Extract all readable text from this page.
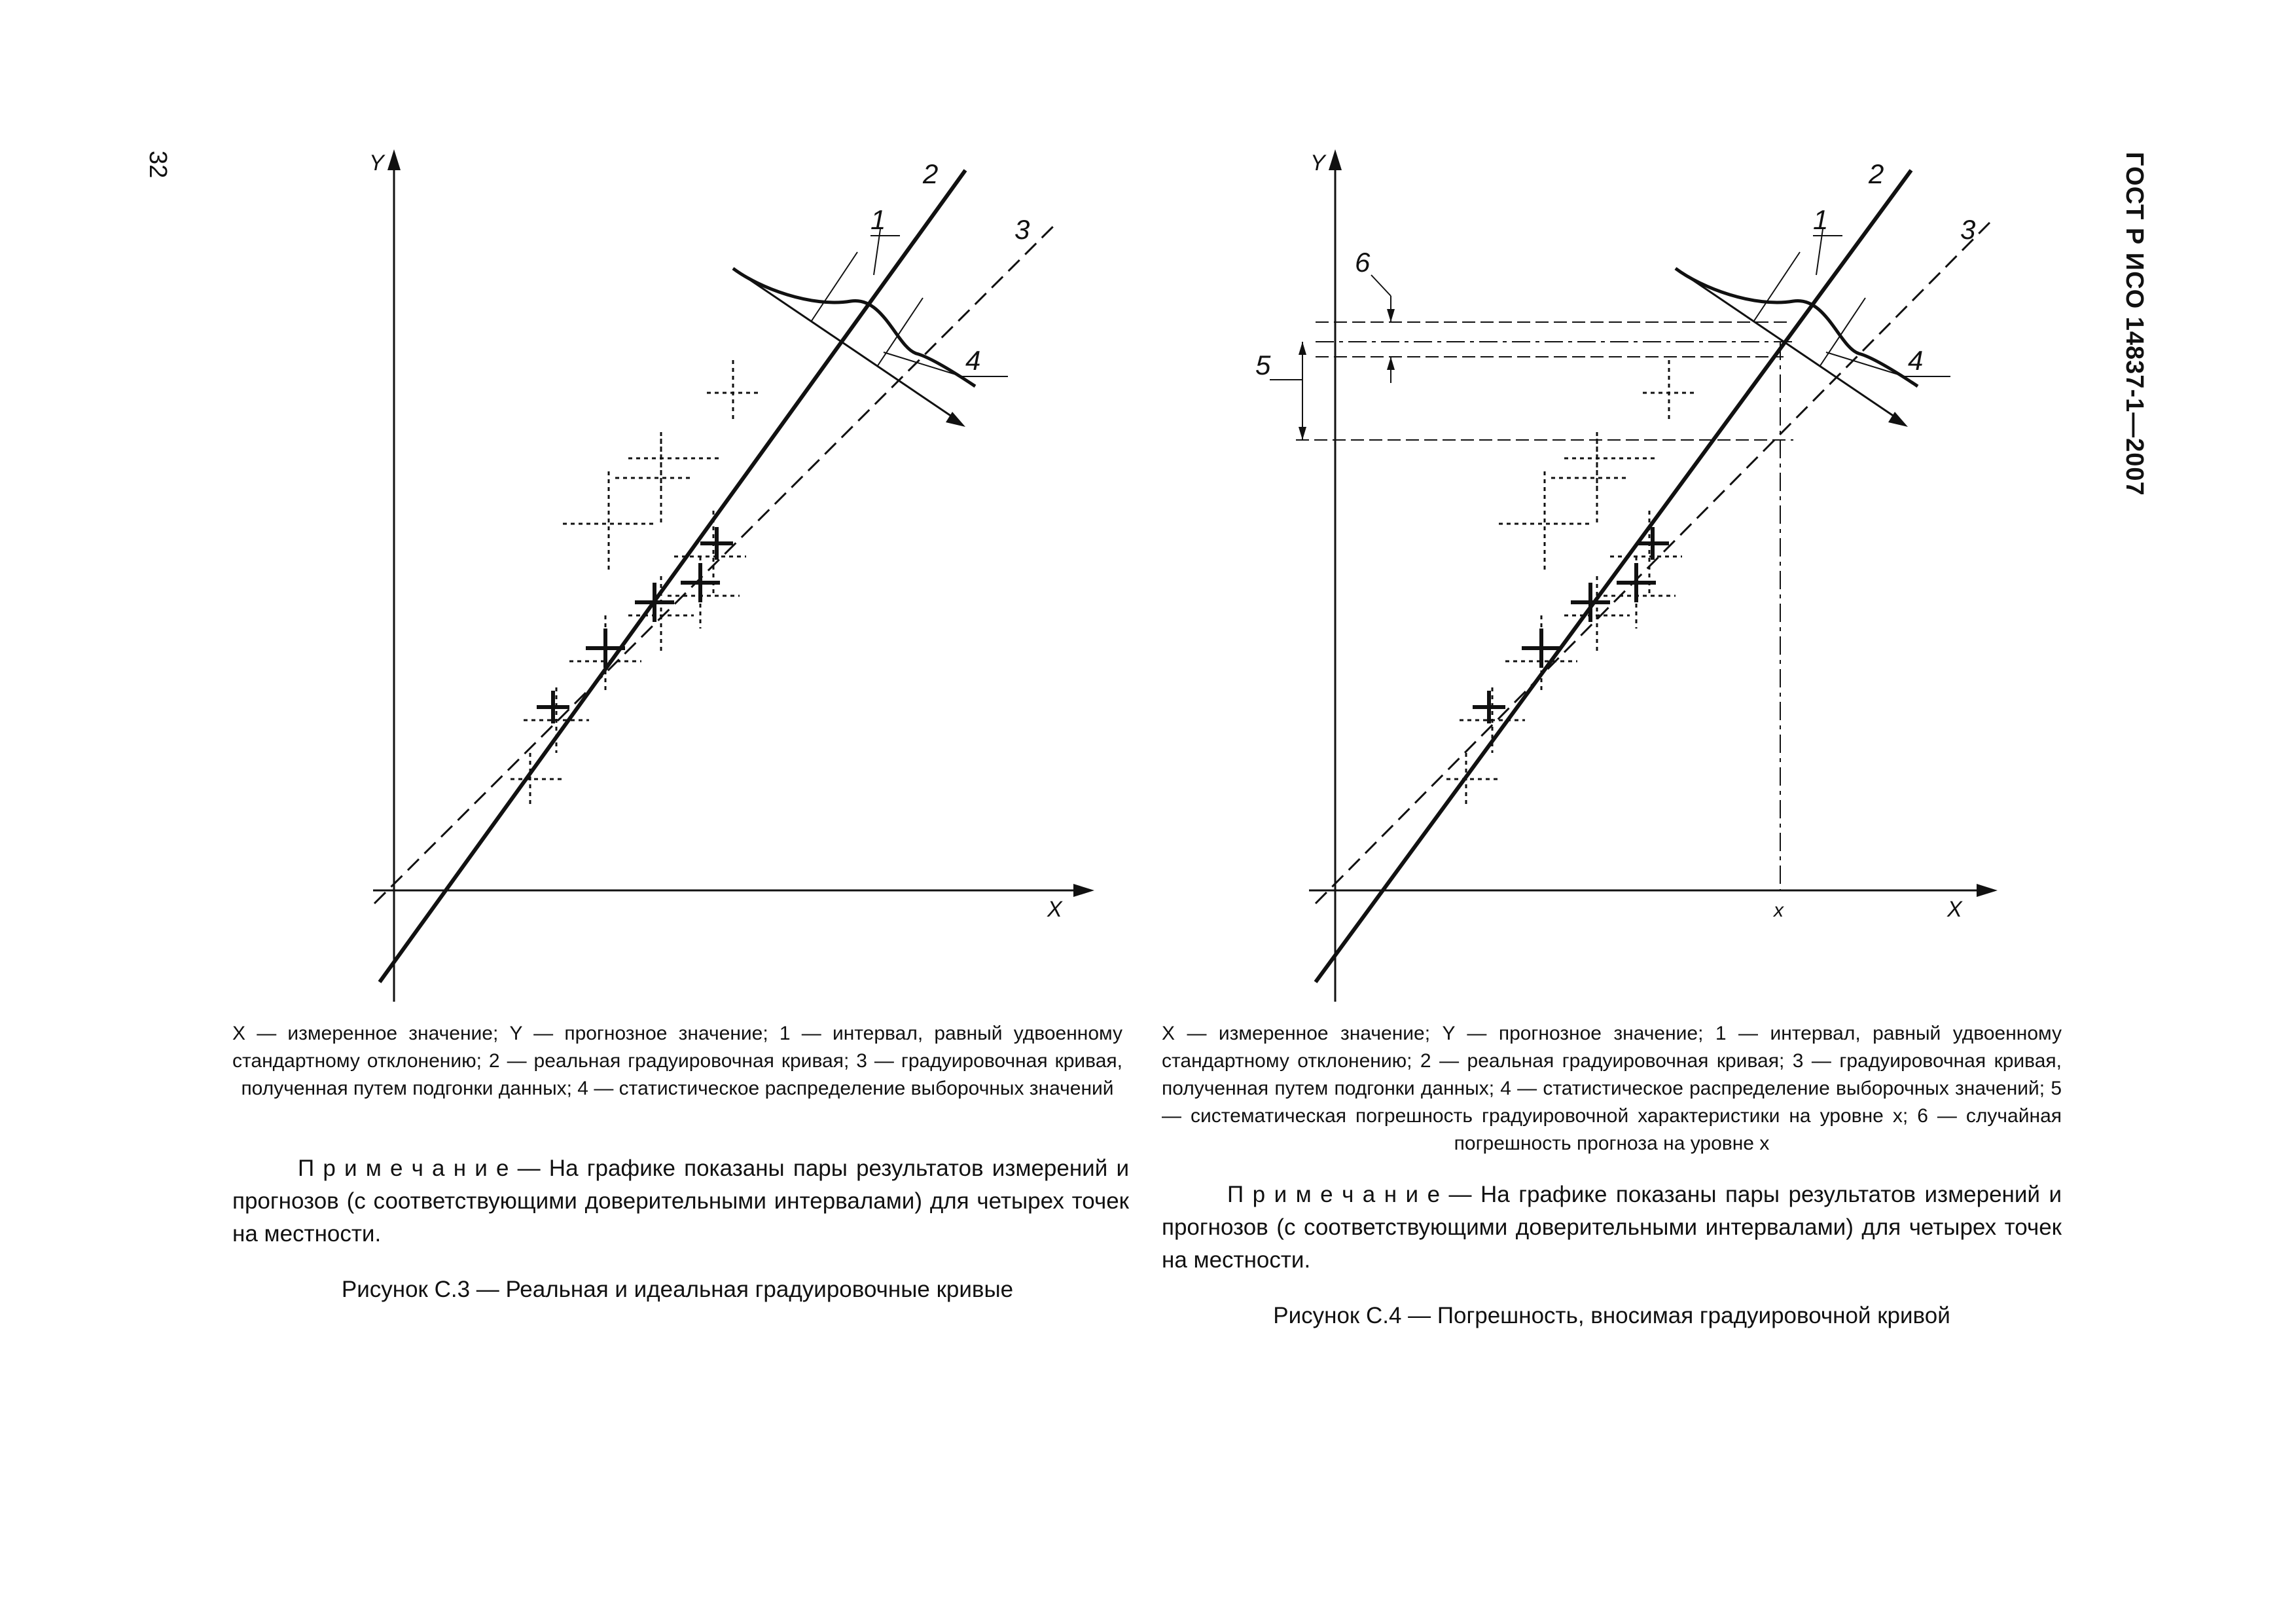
32	ГОСТ Р ИСО 14837-1—2007
Y
X
1
2
3
4
X — измеренное значение; Y — прогнозное значение; 1 — интервал, равный удвоенному стандартному отклонению; 2 — реальная градуировочная кривая; 3 — градуировочная кривая, полученная путем подгонки данных; 4 — статистическое распределение выборочных значений
П р и м е ч а н и е — На графике показаны пары результатов измерений и прогнозов (с соответствующими доверительными интервалами) для четырех точек на местности.
Рисунок С.3 — Реальная и идеальная градуировочные кривые
Y
X
x
1
2
3
4
5
6
X — измеренное значение; Y — прогнозное значение; 1 — интервал, равный удвоенному стандартному отклонению; 2 — реальная градуировочная кривая; 3 — градуировочная кривая, полученная путем подгонки данных; 4 — статистическое распределение выборочных значений; 5 — систематическая погрешность градуировочной характеристики на уровне x; 6 — случайная погрешность прогноза на уровне x
П р и м е ч а н и е — На графике показаны пары результатов измерений и прогнозов (с соответствующими доверительными интервалами) для четырех точек на местности.
Рисунок С.4 — Погрешность, вносимая градуировочной кривой
